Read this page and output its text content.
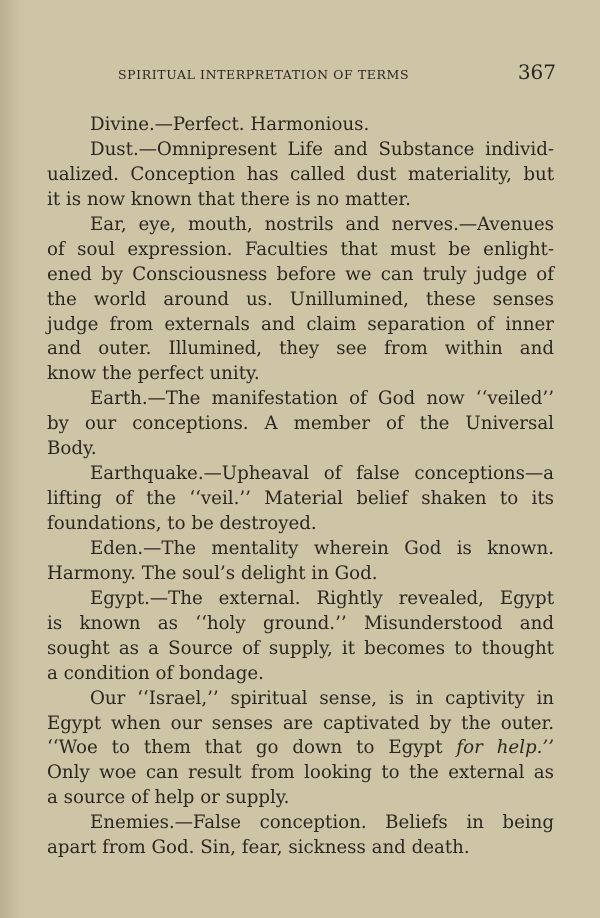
SPIRITUAL INTERPRETATION OF TERMS	367
Divine.—Perfect. Harmonious.
Dust.—Omnipresent Life and Substance individ-
ualized. Conception has called dust materiality, but
it is now known that there is no matter.
Ear, eye, mouth, nostrils and nerves.—Avenues
of soul expression. Faculties that must be enlight-
ened by Consciousness before we can truly judge of
the world around us. Unillumined, these senses
judge from externals and claim separation of inner
and outer. Illumined, they see from within and
know the perfect unity.
Earth.—The manifestation of God now ‘‘veiled’’
by our conceptions. A member of the Universal
Body.
Earthquake.—Upheaval of false conceptions—a
lifting of the ‘‘veil.’’ Material belief shaken to its
foundations, to be destroyed.
Eden.—The mentality wherein God is known.
Harmony. The soul’s delight in God.
Egypt.—The external. Rightly revealed, Egypt
is known as ‘‘holy ground.’’ Misunderstood and
sought as a Source of supply, it becomes to thought
a condition of bondage.
Our ‘‘Israel,’’ spiritual sense, is in captivity in
Egypt when our senses are captivated by the outer.
‘‘Woe to them that go down to Egypt for help.’’
Only woe can result from looking to the external as
a source of help or supply.
Enemies.—False conception. Beliefs in being
apart from God. Sin, fear, sickness and death.
